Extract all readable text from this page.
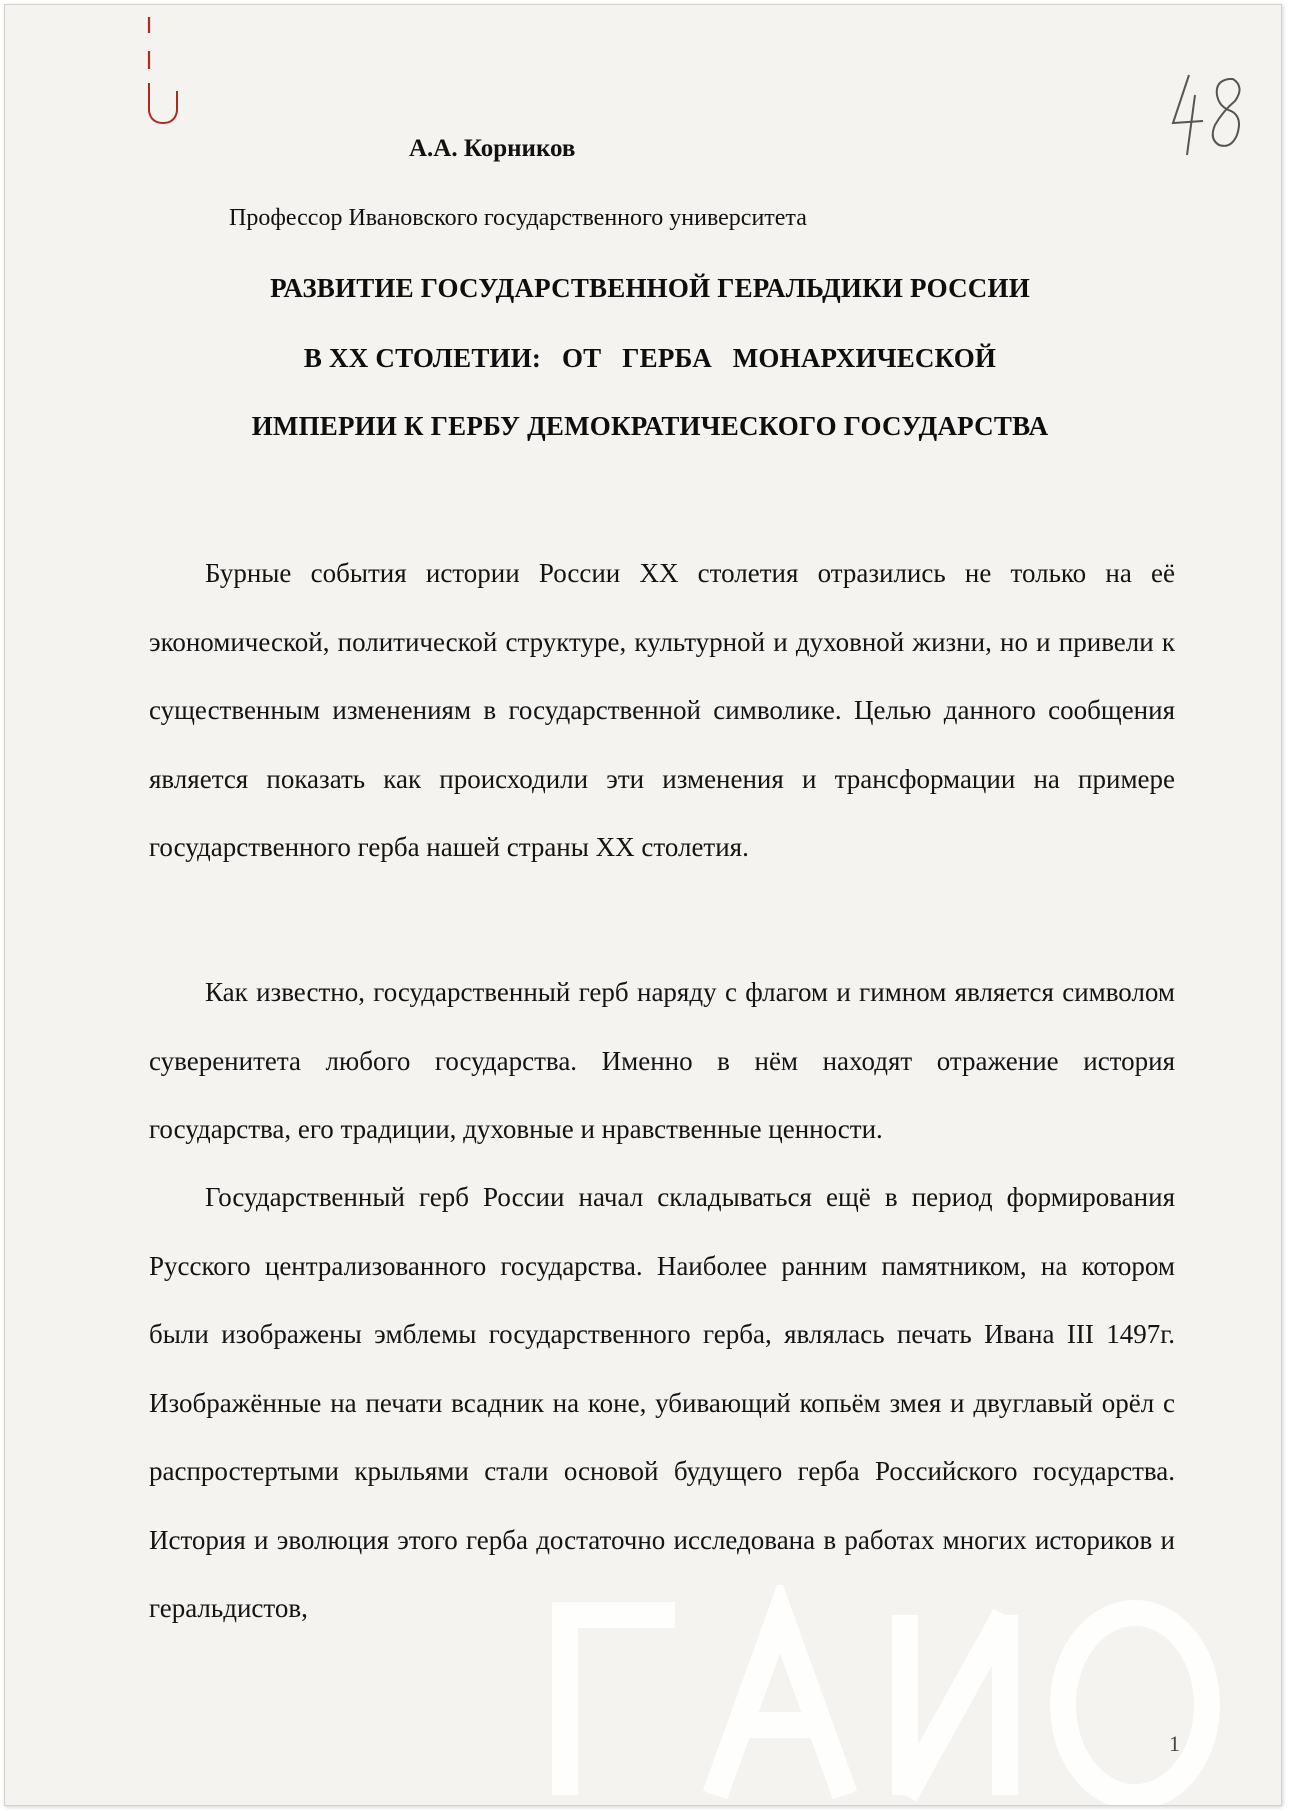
А.А. Корников
Профессор Ивановского государственного университета
РАЗВИТИЕ ГОСУДАРСТВЕННОЙ ГЕРАЛЬДИКИ РОССИИ
В XX СТОЛЕТИИ:   ОТ   ГЕРБА   МОНАРХИЧЕСКОЙ
ИМПЕРИИ К ГЕРБУ ДЕМОКРАТИЧЕСКОГО ГОСУДАРСТВА

Бурные события истории России XX столетия отразились не только на её экономической, политической структуре, культурной и духовной жизни, но и привели к существенным изменениям в государственной символике. Целью данного сообщения является показать как происходили эти изменения и трансформации на примере государственного герба нашей страны XX столетия.

Как известно, государственный герб наряду с флагом и гимном является символом суверенитета любого государства. Именно в нём находят отражение история государства, его традиции, духовные и нравственные ценности.

Государственный герб России начал складываться ещё в период формирования Русского централизованного государства. Наиболее ранним памятником, на котором были изображены эмблемы государственного герба, являлась печать Ивана III 1497г. Изображённые на печати всадник на коне, убивающий копьём змея и двуглавый орёл с распростертыми крыльями стали основой будущего герба Российского государства. История и эволюция этого герба достаточно исследована в работах многих историков и геральдистов,

1
